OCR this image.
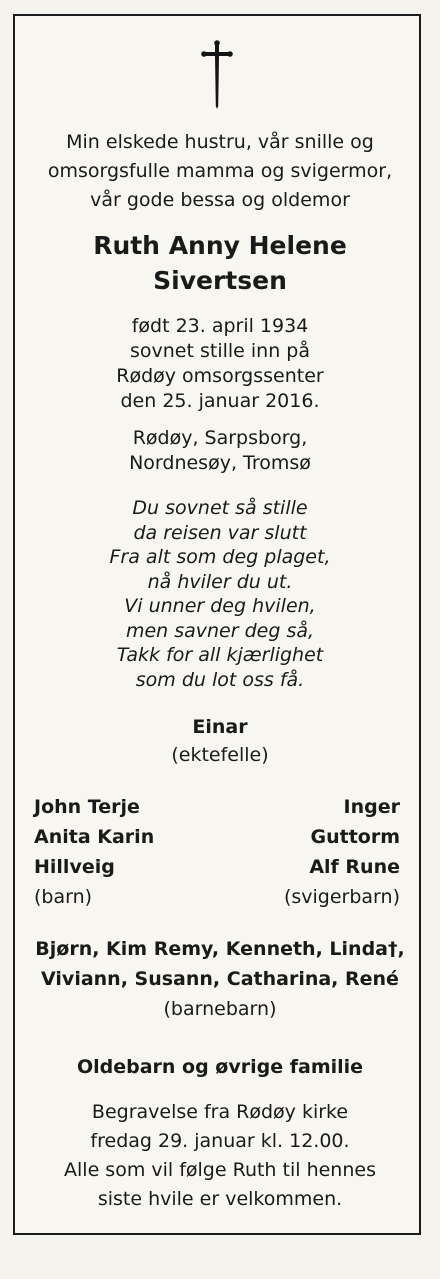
Min elskede hustru, vår snille og
omsorgsfulle mamma og svigermor,
vår gode bessa og oldemor
Ruth Anny Helene
Sivertsen
født 23. april 1934
sovnet stille inn på
Rødøy omsorgssenter
den 25. januar 2016.
Rødøy, Sarpsborg,
Nordnesøy, Tromsø
Du sovnet så stille
da reisen var slutt
Fra alt som deg plaget,
nå hviler du ut.
Vi unner deg hvilen,
men savner deg så,
Takk for all kjærlighet
som du lot oss få.
Einar
(ektefelle)
John Terje
Anita Karin
Hillveig
(barn)
Inger
Guttorm
Alf Rune
(svigerbarn)
Bjørn, Kim Remy, Kenneth, Linda†,
Viviann, Susann, Catharina, René
(barnebarn)
Oldebarn og øvrige familie
Begravelse fra Rødøy kirke
fredag 29. januar kl. 12.00.
Alle som vil følge Ruth til hennes
siste hvile er velkommen.
